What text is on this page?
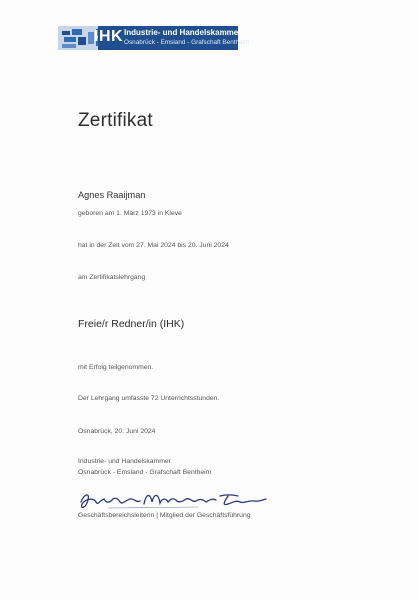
IHK Industrie- und Handelskammer
Osnabrück - Emsland - Grafschaft Bentheim
Zertifikat
Agnes Raaijman
geboren am 1. März 1973 in Kleve
hat in der Zeit vom 27. Mai 2024 bis 20. Juni 2024
am Zertifikatslehrgang
Freie/r Redner/in (IHK)
mit Erfolg teilgenommen.
Der Lehrgang umfasste 72 Unterrichtsstunden.
Osnabrück, 20. Juni 2024
Industrie- und Handelskammer
Osnabrück - Emsland - Grafschaft Bentheim
Geschäftsbereichsleiterin | Mitglied der Geschäftsführung
